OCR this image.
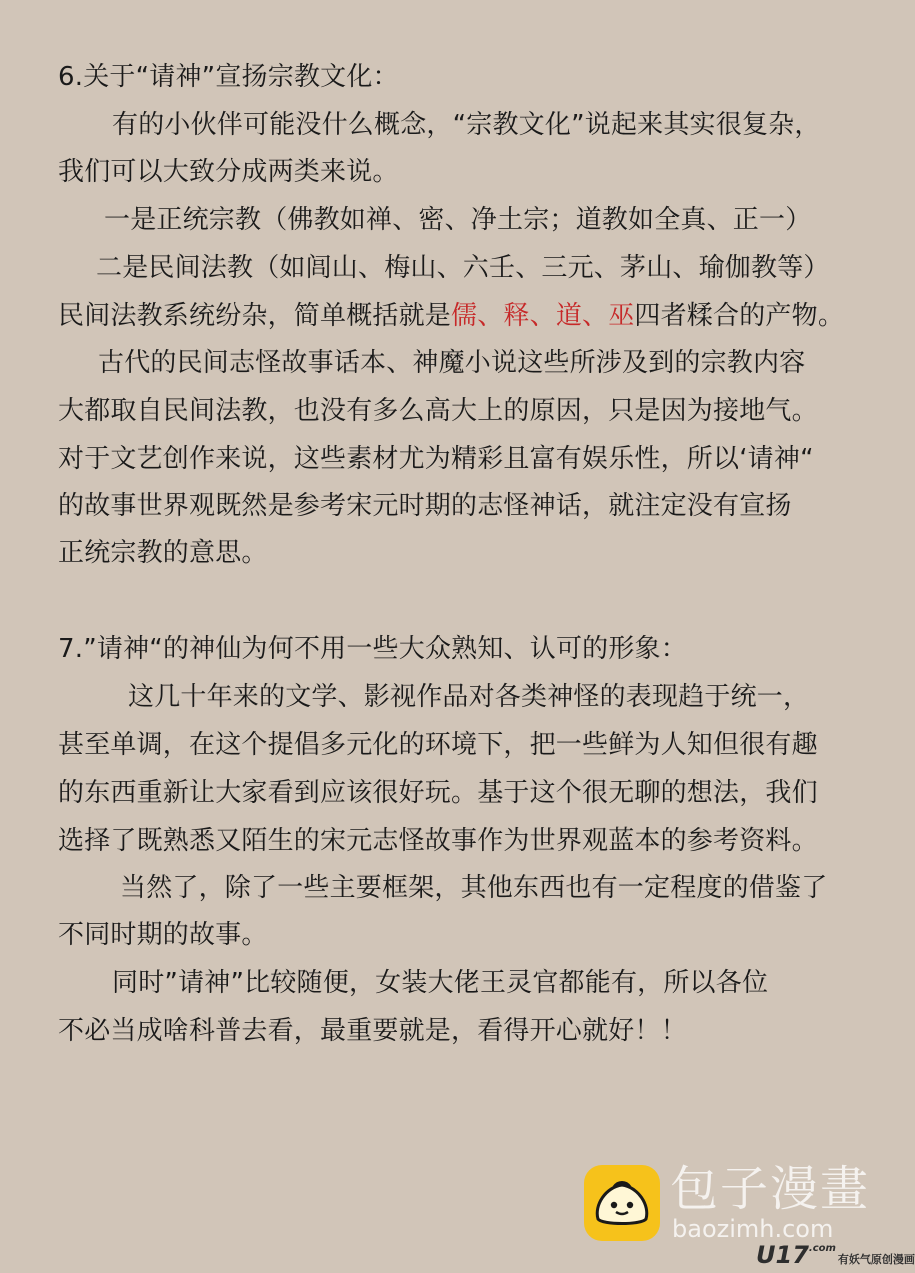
6.关于“请神”宣扬宗教文化：
有的小伙伴可能没什么概念，“宗教文化”说起来其实很复杂，
我们可以大致分成两类来说。
一是正统宗教（佛教如禅、密、净土宗；道教如全真、正一）
二是民间法教（如闾山、梅山、六壬、三元、茅山、瑜伽教等）
民间法教系统纷杂，简单概括就是儒、释、道、巫四者糅合的产物。
古代的民间志怪故事话本、神魔小说这些所涉及到的宗教内容
大都取自民间法教，也没有多么高大上的原因，只是因为接地气。
对于文艺创作来说，这些素材尤为精彩且富有娱乐性，所以‘请神“
的故事世界观既然是参考宋元时期的志怪神话，就注定没有宣扬
正统宗教的意思。
7.”请神“的神仙为何不用一些大众熟知、认可的形象：
这几十年来的文学、影视作品对各类神怪的表现趋于统一，
甚至单调，在这个提倡多元化的环境下，把一些鲜为人知但很有趣
的东西重新让大家看到应该很好玩。基于这个很无聊的想法，我们
选择了既熟悉又陌生的宋元志怪故事作为世界观蓝本的参考资料。
当然了，除了一些主要框架，其他东西也有一定程度的借鉴了
不同时期的故事。
同时”请神”比较随便，女装大佬王灵官都能有，所以各位
不必当成啥科普去看，最重要就是，看得开心就好！！
包子漫畫
baozimh.com
$U17^{.com}$有妖气原创漫画
